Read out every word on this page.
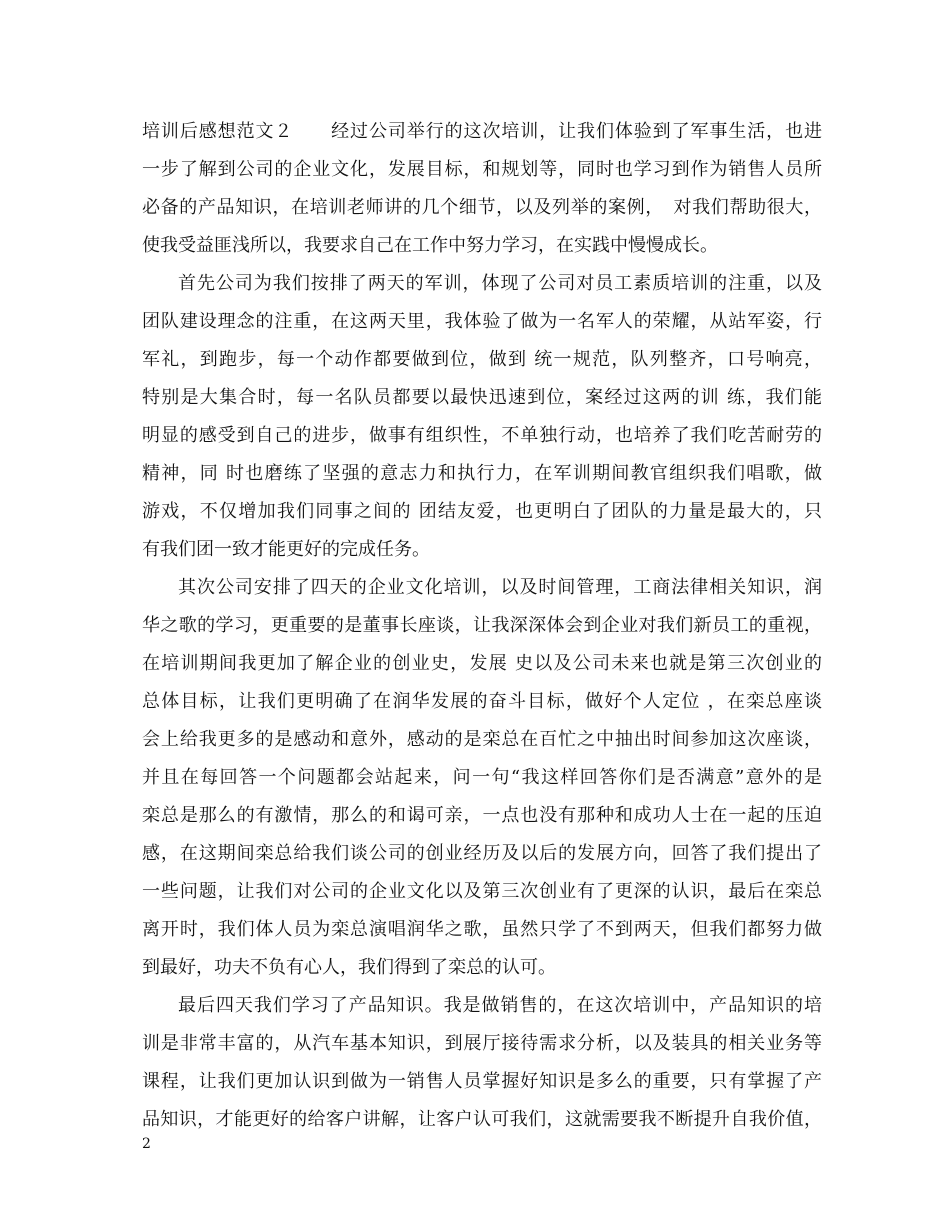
培训后感想范文２　　经过公司举行的这次培训，让我们体验到了军事生活，也进
一步了解到公司的企业文化，发展目标，和规划等，同时也学习到作为销售人员所
必备的产品知识，在培训老师讲的几个细节，以及列举的案例，　对我们帮助很大，
使我受益匪浅所以，我要求自己在工作中努力学习，在实践中慢慢成长。
首先公司为我们按排了两天的军训，体现了公司对员工素质培训的注重，以及
团队建设理念的注重，在这两天里，我体验了做为一名军人的荣耀，从站军姿，行
军礼，到跑步，每一个动作都要做到位，做到 统一规范，队列整齐，口号响亮，
特别是大集合时，每一名队员都要以最快迅速到位，案经过这两的训 练，我们能
明显的感受到自己的进步，做事有组织性，不单独行动，也培养了我们吃苦耐劳的
精神，同 时也磨练了坚强的意志力和执行力，在军训期间教官组织我们唱歌，做
游戏，不仅增加我们同事之间的 团结友爱，也更明白了团队的力量是最大的，只
有我们团一致才能更好的完成任务。
其次公司安排了四天的企业文化培训，以及时间管理，工商法律相关知识，润
华之歌的学习，更重要的是董事长座谈，让我深深体会到企业对我们新员工的重视，
在培训期间我更加了解企业的创业史，发展 史以及公司未来也就是第三次创业的
总体目标，让我们更明确了在润华发展的奋斗目标，做好个人定位 ，在栾总座谈
会上给我更多的是感动和意外，感动的是栾总在百忙之中抽出时间参加这次座谈，
并且在每回答一个问题都会站起来，问一句“我这样回答你们是否满意”意外的是
栾总是那么的有激情，那么的和谒可亲，一点也没有那种和成功人士在一起的压迫
感，在这期间栾总给我们谈公司的创业经历及以后的发展方向，回答了我们提出了
一些问题，让我们对公司的企业文化以及第三次创业有了更深的认识，最后在栾总
离开时，我们体人员为栾总演唱润华之歌，虽然只学了不到两天，但我们都努力做
到最好，功夫不负有心人，我们得到了栾总的认可。
最后四天我们学习了产品知识。我是做销售的，在这次培训中，产品知识的培
训是非常丰富的，从汽车基本知识，到展厅接待需求分析，以及装具的相关业务等
课程，让我们更加认识到做为一销售人员掌握好知识是多么的重要，只有掌握了产
品知识，才能更好的给客户讲解，让客户认可我们，这就需要我不断提升自我价值，
2
